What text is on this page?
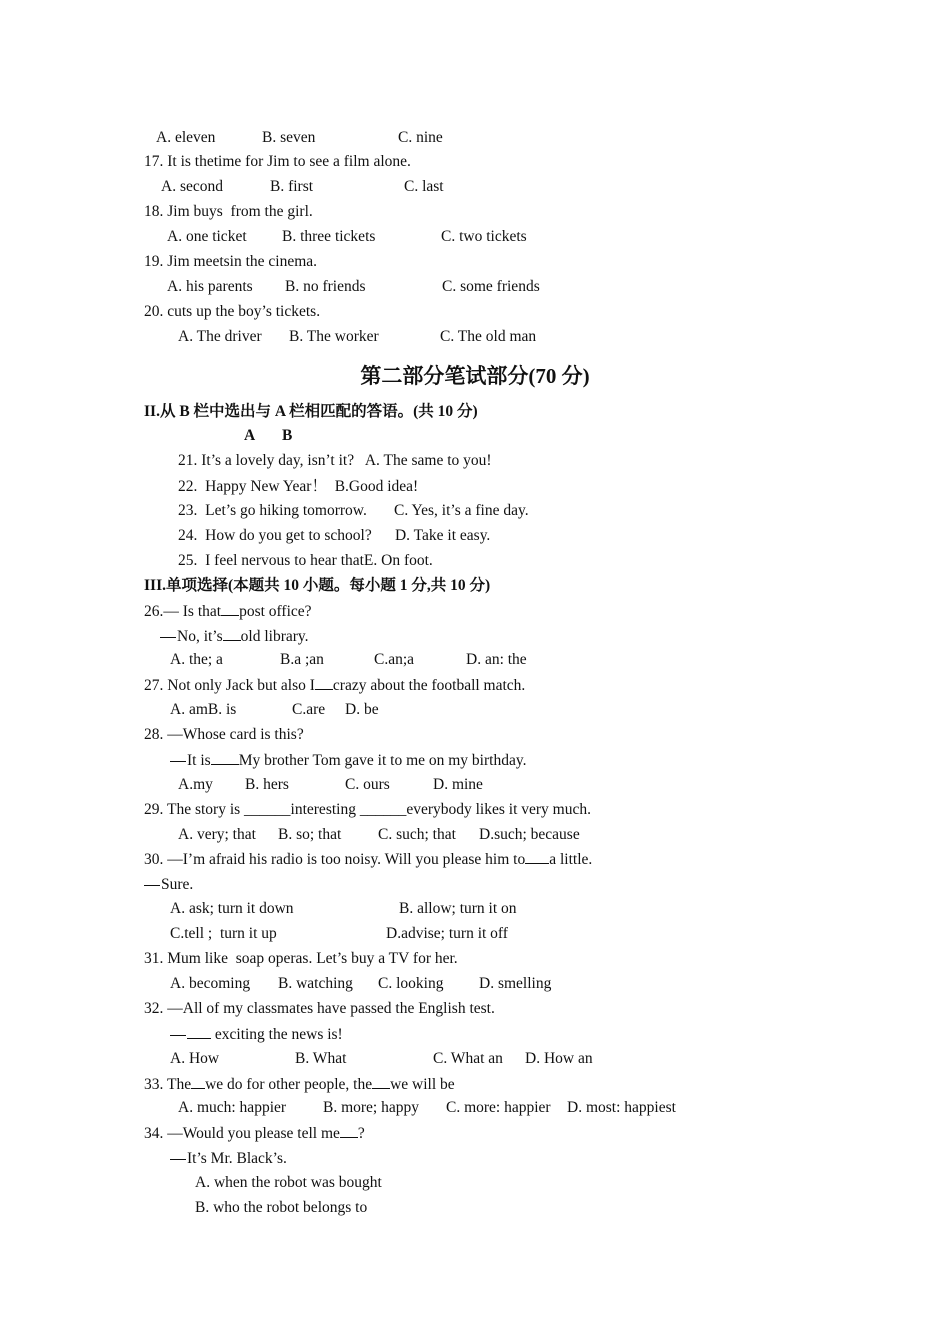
A. eleven	B. seven	C. nine
17. It is thetime for Jim to see a film alone.
A. second	B. first	C. last
18. Jim buys  from the girl.
A. one ticket B. three tickets	C. two tickets
19. Jim meetsin the cinema.
A. his parents B. no friends	C. some friends
20. cuts up the boy’s tickets.
A. The driver B. The worker	C. The old man
第二部分笔试部分(70 分)
II.从 B 栏中选出与 A 栏相匹配的答语。(共 10 分)
A B
21. It’s a lovely day, isn’t it?   A. The same to you!
22.  Happy New Year！  B.Good idea!
23.  Let’s go hiking tomorrow.       C. Yes, it’s a fine day.
24.  How do you get to school?      D. Take it easy.
25.  I feel nervous to hear thatE. On foot.
III.单项选择(本题共 10 小题。每小题 1 分,共 10 分)
26.— Is that post office?
No, it’s old library.
A. the; a	B.a ;an	C.an;a	D. an: the
27. Not only Jack but also I crazy about the football match.
A. amB. is	C.are D. be
28. —Whose card is this?
It is My brother Tom gave it to me on my birthday.
A.my B. hers	C. ours	D. mine
29. The story is ______interesting ______everybody likes it very much.
A. very; that B. so; that C. such; that D.such; because
30. —I’m afraid his radio is too noisy. Will you please him to a little.
Sure.
A. ask; turn it down	B. allow; turn it on
C.tell ;  turn it up	D.advise; turn it off
31. Mum like  soap operas. Let’s buy a TV for her.
A. becoming B. watching C. looking D. smelling
32. —All of my classmates have passed the English test.
exciting the news is!
A. How	B. What	C. What an D. How an
33. The we do for other people, the we will be
A. much: happier B. more; happy C. more: happier D. most: happiest
34. —Would you please tell me ?
It’s Mr. Black’s.
A. when the robot was bought
B. who the robot belongs to
